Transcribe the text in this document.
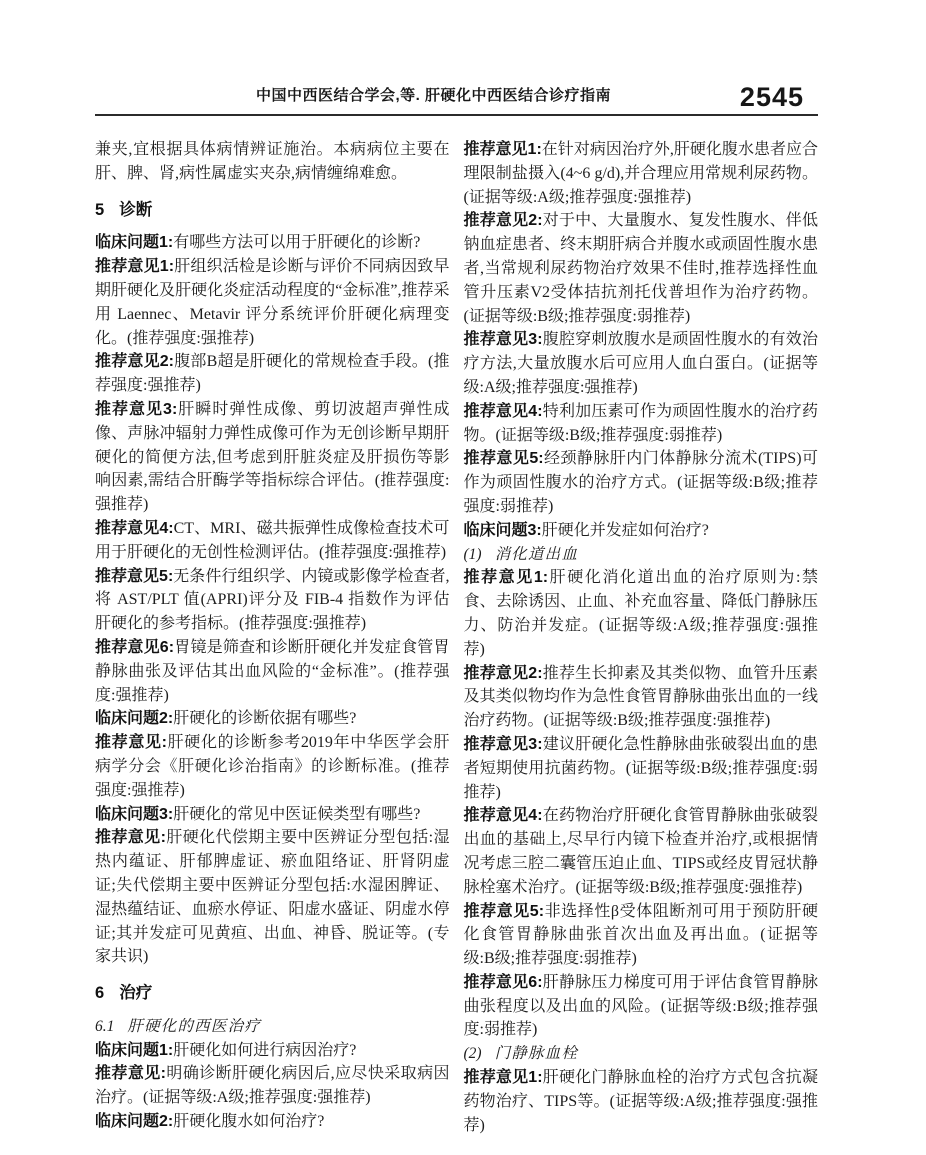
中国中西医结合学会,等. 肝硬化中西医结合诊疗指南	2545

兼夹,宜根据具体病情辨证施治。本病病位主要在肝、脾、肾,病性属虚实夹杂,病情缠绵难愈。

5 诊断

临床问题1:有哪些方法可以用于肝硬化的诊断?

推荐意见1:肝组织活检是诊断与评价不同病因致早期肝硬化及肝硬化炎症活动程度的“金标准”,推荐采用 Laennec、Metavir 评分系统评价肝硬化病理变化。(推荐强度:强推荐)

推荐意见2:腹部B超是肝硬化的常规检查手段。(推荐强度:强推荐)

推荐意见3:肝瞬时弹性成像、剪切波超声弹性成像、声脉冲辐射力弹性成像可作为无创诊断早期肝硬化的简便方法,但考虑到肝脏炎症及肝损伤等影响因素,需结合肝酶学等指标综合评估。(推荐强度:强推荐)

推荐意见4:CT、MRI、磁共振弹性成像检查技术可用于肝硬化的无创性检测评估。(推荐强度:强推荐)

推荐意见5:无条件行组织学、内镜或影像学检查者,将 AST/PLT 值(APRI)评分及 FIB-4 指数作为评估肝硬化的参考指标。(推荐强度:强推荐)

推荐意见6:胃镜是筛查和诊断肝硬化并发症食管胃静脉曲张及评估其出血风险的“金标准”。(推荐强度:强推荐)

临床问题2:肝硬化的诊断依据有哪些?

推荐意见:肝硬化的诊断参考2019年中华医学会肝病学分会《肝硬化诊治指南》的诊断标准。(推荐强度:强推荐)

临床问题3:肝硬化的常见中医证候类型有哪些?

推荐意见:肝硬化代偿期主要中医辨证分型包括:湿热内蕴证、肝郁脾虚证、瘀血阻络证、肝肾阴虚证;失代偿期主要中医辨证分型包括:水湿困脾证、湿热蕴结证、血瘀水停证、阳虚水盛证、阴虚水停证;其并发症可见黄疸、出血、神昏、脱证等。(专家共识)

6 治疗
6.1 肝硬化的西医治疗

临床问题1:肝硬化如何进行病因治疗?

推荐意见:明确诊断肝硬化病因后,应尽快采取病因治疗。(证据等级:A级;推荐强度:强推荐)

临床问题2:肝硬化腹水如何治疗?

推荐意见1:在针对病因治疗外,肝硬化腹水患者应合理限制盐摄入(4~6 g/d),并合理应用常规利尿药物。(证据等级:A级;推荐强度:强推荐)

推荐意见2:对于中、大量腹水、复发性腹水、伴低钠血症患者、终末期肝病合并腹水或顽固性腹水患者,当常规利尿药物治疗效果不佳时,推荐选择性血管升压素V2受体拮抗剂托伐普坦作为治疗药物。(证据等级:B级;推荐强度:弱推荐)

推荐意见3:腹腔穿刺放腹水是顽固性腹水的有效治疗方法,大量放腹水后可应用人血白蛋白。(证据等级:A级;推荐强度:强推荐)

推荐意见4:特利加压素可作为顽固性腹水的治疗药物。(证据等级:B级;推荐强度:弱推荐)

推荐意见5:经颈静脉肝内门体静脉分流术(TIPS)可作为顽固性腹水的治疗方式。(证据等级:B级;推荐强度:弱推荐)

临床问题3:肝硬化并发症如何治疗?

(1) 消化道出血

推荐意见1:肝硬化消化道出血的治疗原则为:禁食、去除诱因、止血、补充血容量、降低门静脉压力、防治并发症。(证据等级:A级;推荐强度:强推荐)

推荐意见2:推荐生长抑素及其类似物、血管升压素及其类似物均作为急性食管胃静脉曲张出血的一线治疗药物。(证据等级:B级;推荐强度:强推荐)

推荐意见3:建议肝硬化急性静脉曲张破裂出血的患者短期使用抗菌药物。(证据等级:B级;推荐强度:弱推荐)

推荐意见4:在药物治疗肝硬化食管胃静脉曲张破裂出血的基础上,尽早行内镜下检查并治疗,或根据情况考虑三腔二囊管压迫止血、TIPS或经皮胃冠状静脉栓塞术治疗。(证据等级:B级;推荐强度:强推荐)

推荐意见5:非选择性β受体阻断剂可用于预防肝硬化食管胃静脉曲张首次出血及再出血。(证据等级:B级;推荐强度:弱推荐)

推荐意见6:肝静脉压力梯度可用于评估食管胃静脉曲张程度以及出血的风险。(证据等级:B级;推荐强度:弱推荐)

(2) 门静脉血栓

推荐意见1:肝硬化门静脉血栓的治疗方式包含抗凝药物治疗、TIPS等。(证据等级:A级;推荐强度:强推荐)
